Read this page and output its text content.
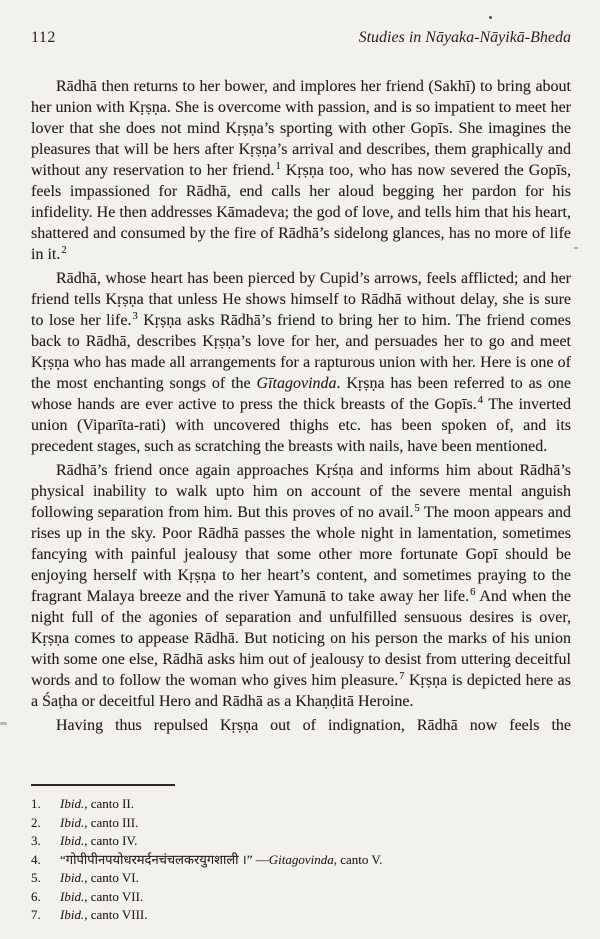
112	Studies in Nāyaka-Nāyikā-Bheda

Rādhā then returns to her bower, and implores her friend (Sakhī) to bring about her union with Kṛṣṇa. She is overcome with passion, and is so impatient to meet her lover that she does not mind Kṛṣṇa’s sporting with other Gopīs. She imagines the pleasures that will be hers after Kṛṣṇa’s arrival and describes, them graphically and without any reservation to her friend.$^1$ Kṛṣṇa too, who has now severed the Gopīs, feels impassioned for Rādhā, end calls her aloud begging her pardon for his infidelity. He then addresses Kāmadeva; the god of love, and tells him that his heart, shattered and consumed by the fire of Rādhā’s sidelong glances, has no more of life in it.$^2$

Rādhā, whose heart has been pierced by Cupid’s arrows, feels afflicted; and her friend tells Kṛṣṇa that unless He shows himself to Rādhā without delay, she is sure to lose her life.$^3$ Kṛṣṇa asks Rādhā’s friend to bring her to him. The friend comes back to Rādhā, describes Kṛṣṇa’s love for her, and persuades her to go and meet Kṛṣṇa who has made all arrangements for a rapturous union with her. Here is one of the most enchanting songs of the Gītagovinda. Kṛṣṇa has been referred to as one whose hands are ever active to press the thick breasts of the Gopīs.$^4$ The inverted union (Viparīta-rati) with uncovered thighs etc. has been spoken of, and its precedent stages, such as scratching the breasts with nails, have been mentioned.

Rādhā’s friend once again approaches Kṛśṇa and informs him about Rādhā’s physical inability to walk upto him on account of the severe mental anguish following separation from him. But this proves of no avail.$^5$ The moon appears and rises up in the sky. Poor Rādhā passes the whole night in lamentation, sometimes fancying with painful jealousy that some other more fortunate Gopī should be enjoying herself with Kṛṣṇa to her heart’s content, and sometimes praying to the fragrant Malaya breeze and the river Yamunā to take away her life.$^6$ And when the night full of the agonies of separation and unfulfilled sensuous desires is over, Kṛṣṇa comes to appease Rādhā. But noticing on his person the marks of his union with some one else, Rādhā asks him out of jealousy to desist from uttering deceitful words and to follow the woman who gives him pleasure.$^7$ Kṛṣṇa is depicted here as a Śaṭha or deceitful Hero and Rādhā as a Khaṇḍitā Heroine.

Having thus repulsed Kṛṣṇa out of indignation, Rādhā now feels the

1.	Ibid., canto II.
2.	Ibid., canto III.
3.	Ibid., canto IV.
4.	“गोपीपीनपयोधरमर्दनचंचलकरयुगशाली ।” —Gitagovinda, canto V.
5.	Ibid., canto VI.
6.	Ibid., canto VII.
7.	Ibid., canto VIII.
